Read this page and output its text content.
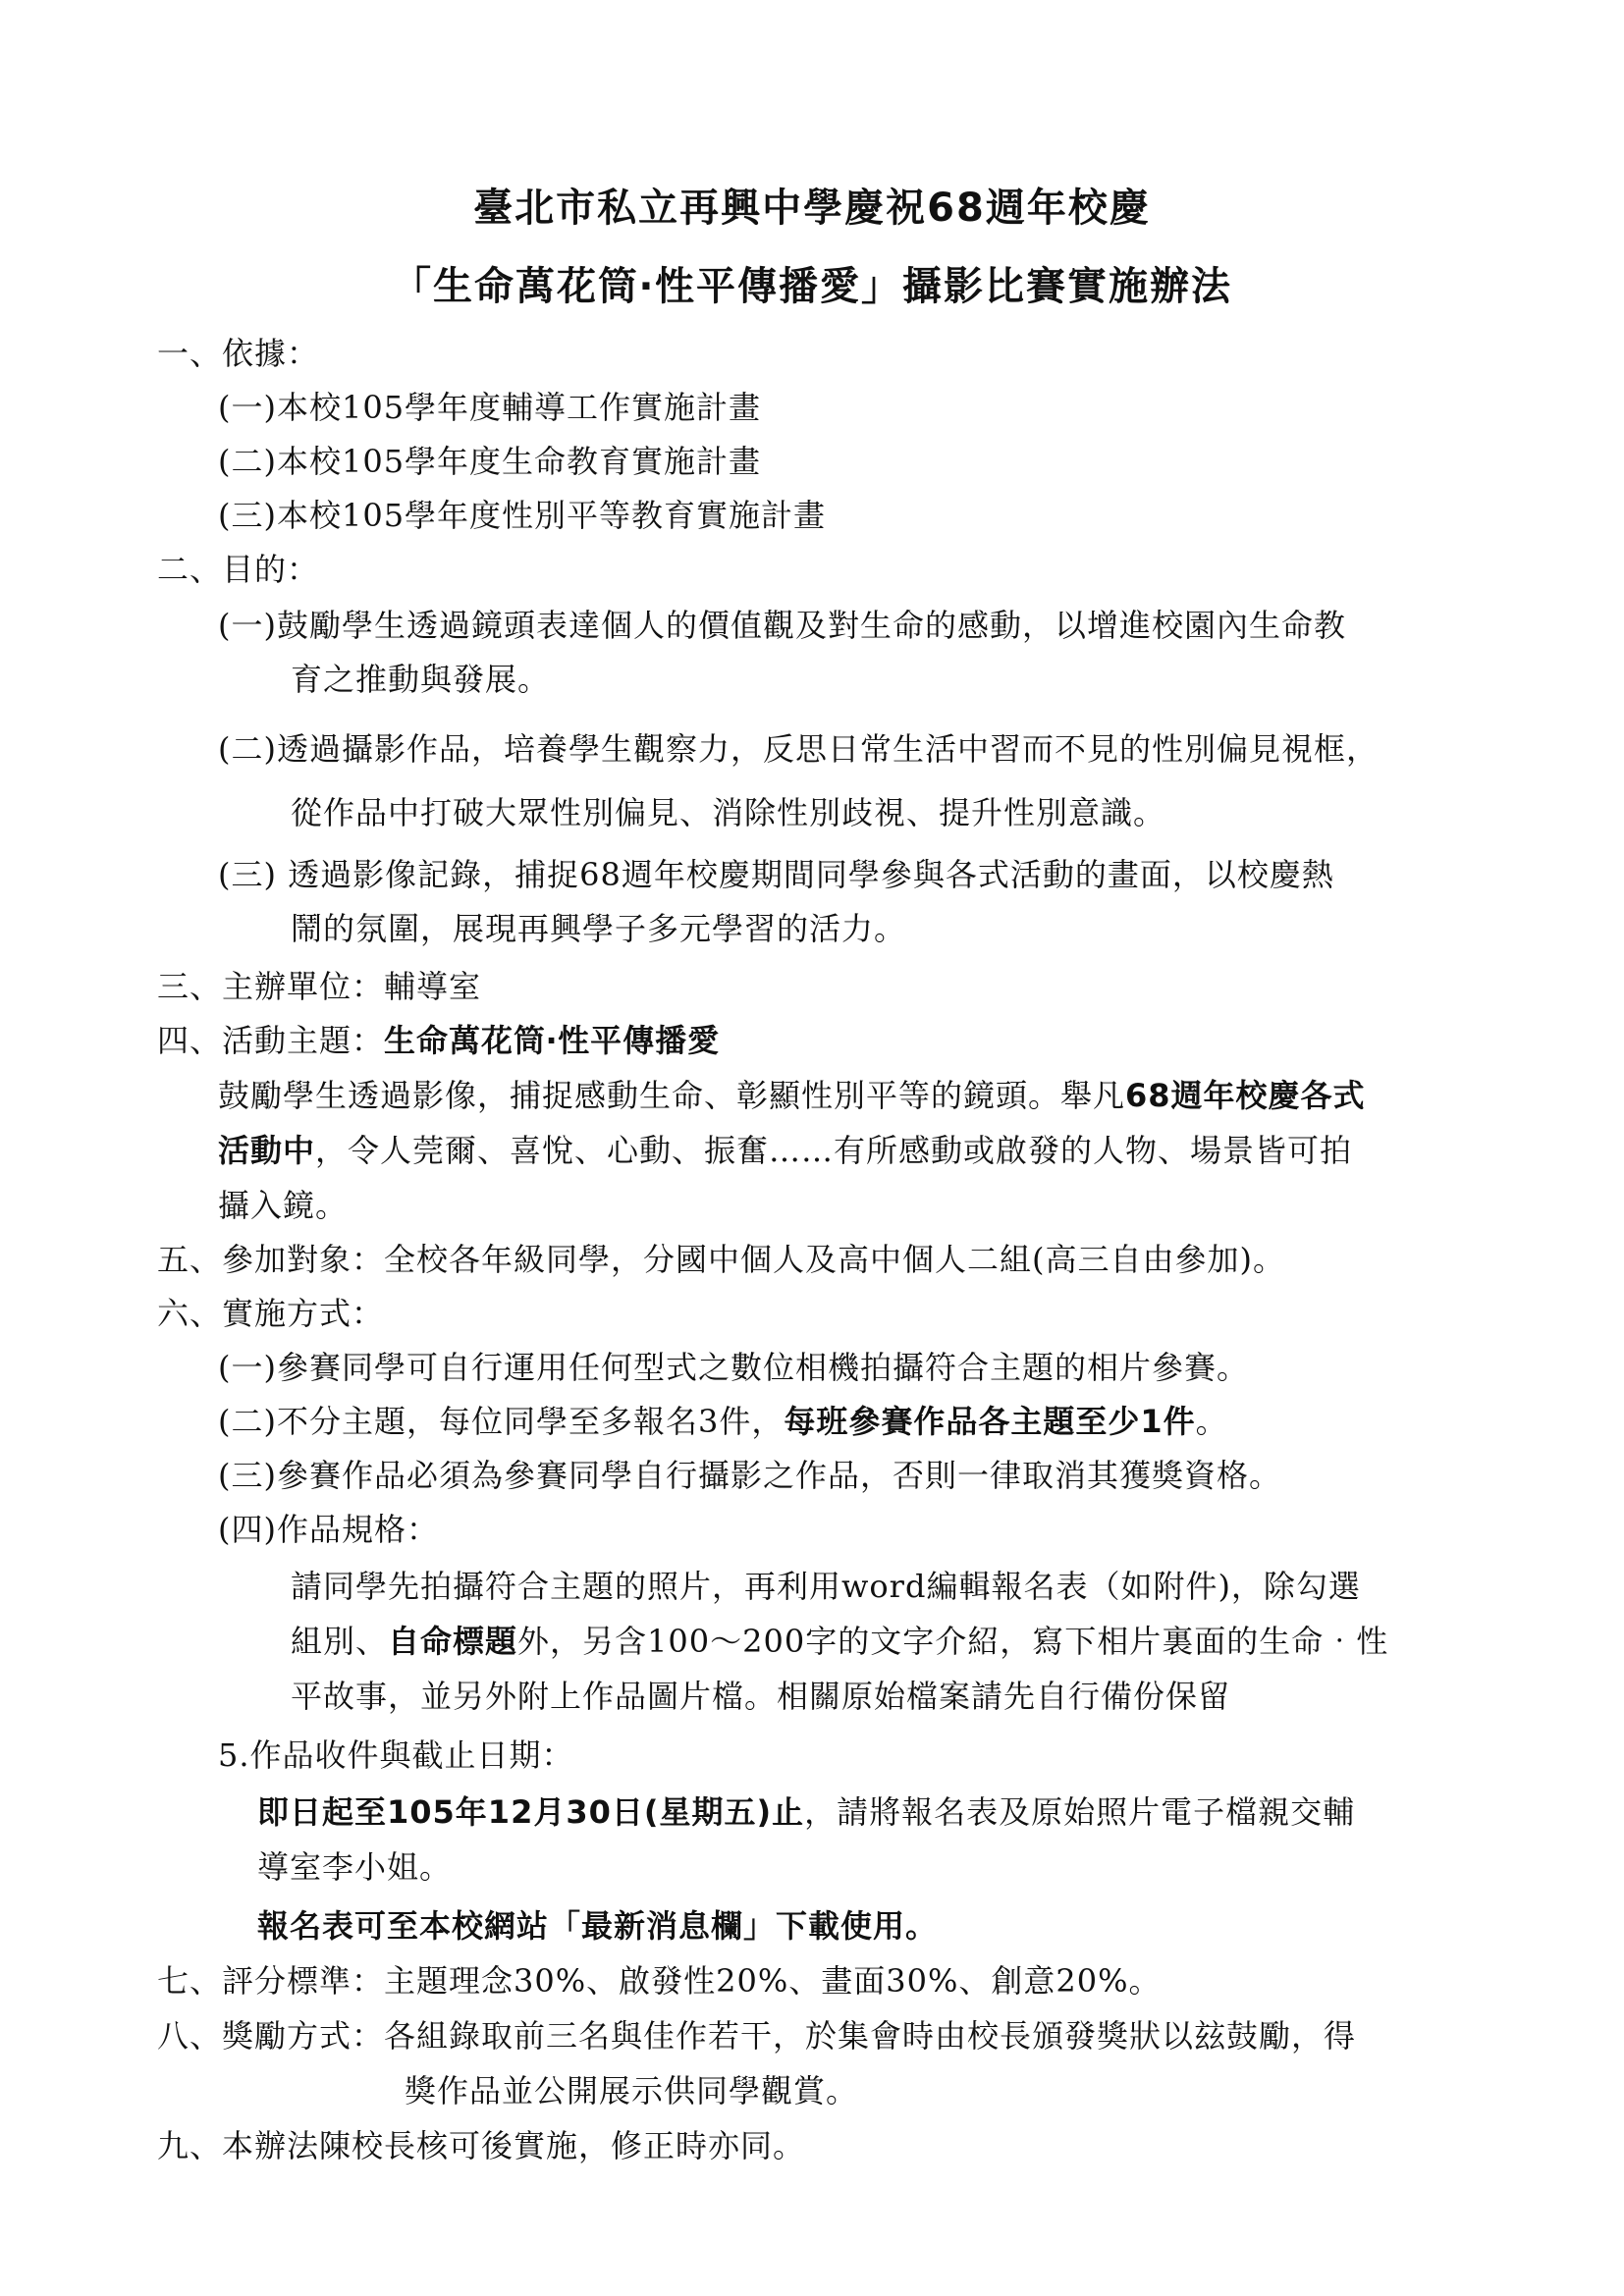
臺北市私立再興中學慶祝68週年校慶
「生命萬花筒‧性平傳播愛」攝影比賽實施辦法
一、依據：
(一)本校105學年度輔導工作實施計畫
(二)本校105學年度生命教育實施計畫
(三)本校105學年度性別平等教育實施計畫
二、目的：
(一)鼓勵學生透過鏡頭表達個人的價值觀及對生命的感動，以增進校園內生命教
育之推動與發展。
(二)透過攝影作品，培養學生觀察力，反思日常生活中習而不見的性別偏見視框，
從作品中打破大眾性別偏見、消除性別歧視、提升性別意識。
(三) 透過影像記錄，捕捉68週年校慶期間同學參與各式活動的畫面，以校慶熱
鬧的氛圍，展現再興學子多元學習的活力。
三、主辦單位：輔導室
四、活動主題：生命萬花筒‧性平傳播愛
鼓勵學生透過影像，捕捉感動生命、彰顯性別平等的鏡頭。舉凡68週年校慶各式
活動中，令人莞爾、喜悅、心動、振奮……有所感動或啟發的人物、場景皆可拍
攝入鏡。
五、參加對象：全校各年級同學，分國中個人及高中個人二組(高三自由參加)。
六、實施方式：
(一)參賽同學可自行運用任何型式之數位相機拍攝符合主題的相片參賽。
(二)不分主題，每位同學至多報名3件，每班參賽作品各主題至少1件。
(三)參賽作品必須為參賽同學自行攝影之作品，否則一律取消其獲獎資格。
(四)作品規格：
請同學先拍攝符合主題的照片，再利用word編輯報名表（如附件)，除勾選
組別、自命標題外，另含100～200字的文字介紹，寫下相片裏面的生命‧性
平故事，並另外附上作品圖片檔。相關原始檔案請先自行備份保留
5.作品收件與截止日期：
即日起至105年12月30日(星期五)止，請將報名表及原始照片電子檔親交輔
導室李小姐。
報名表可至本校網站「最新消息欄」下載使用。
七、評分標準：主題理念30%、啟發性20%、畫面30%、創意20%。
八、獎勵方式：各組錄取前三名與佳作若干，於集會時由校長頒發獎狀以玆鼓勵，得
獎作品並公開展示供同學觀賞。
九、本辦法陳校長核可後實施，修正時亦同。
